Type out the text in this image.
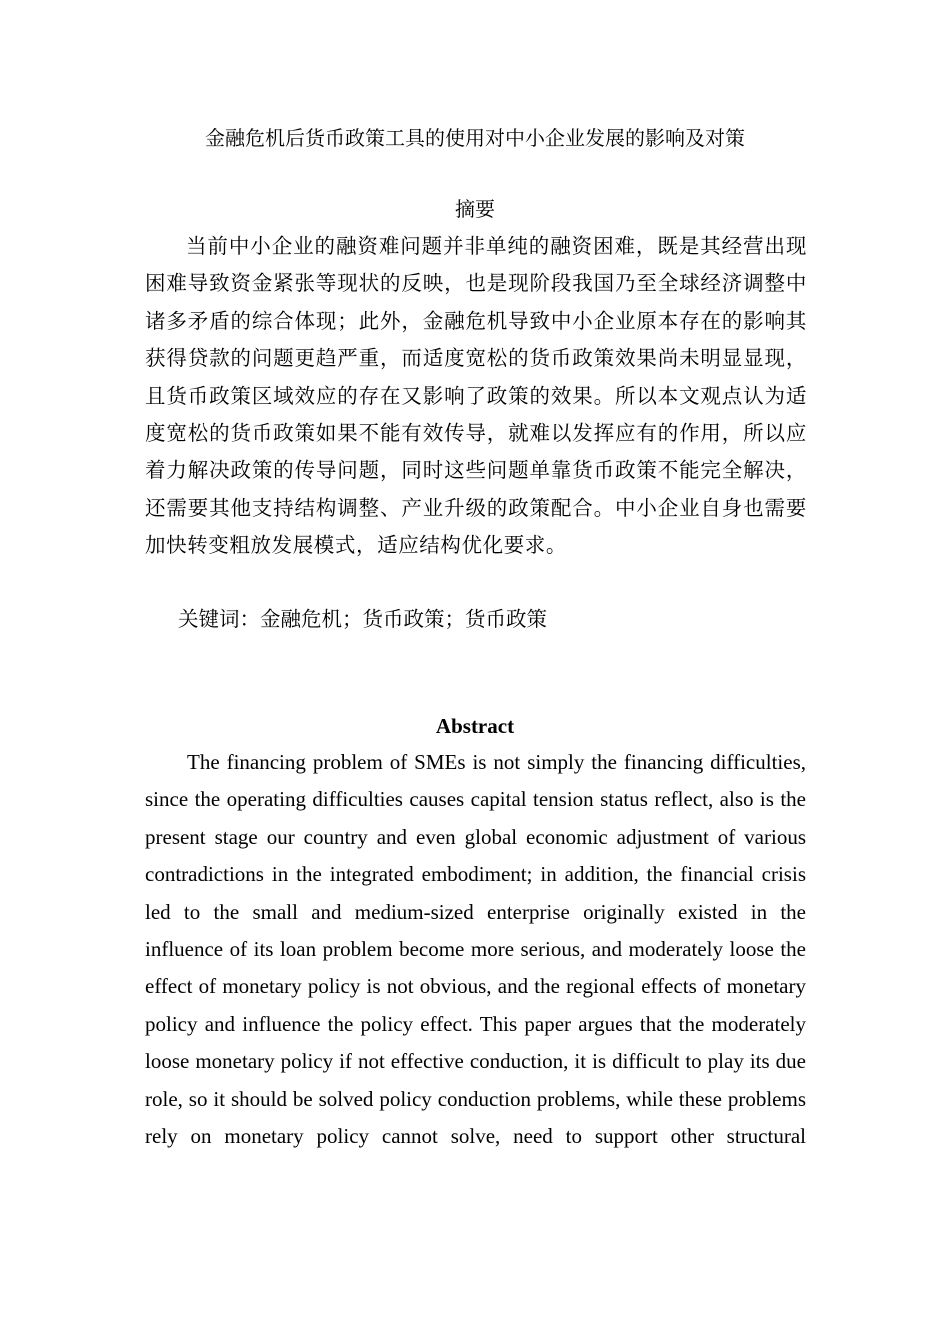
金融危机后货币政策工具的使用对中小企业发展的影响及对策
摘要

当前中小企业的融资难问题并非单纯的融资困难，既是其经营出现困难导致资金紧张等现状的反映，也是现阶段我国乃至全球经济调整中诸多矛盾的综合体现；此外，金融危机导致中小企业原本存在的影响其获得贷款的问题更趋严重，而适度宽松的货币政策效果尚未明显显现，且货币政策区域效应的存在又影响了政策的效果。所以本文观点认为适度宽松的货币政策如果不能有效传导，就难以发挥应有的作用，所以应着力解决政策的传导问题，同时这些问题单靠货币政策不能完全解决，还需要其他支持结构调整、产业升级的政策配合。中小企业自身也需要加快转变粗放发展模式，适应结构优化要求。

关键词：金融危机；货币政策；货币政策

Abstract

The financing problem of SMEs is not simply the financing difficulties, since the operating difficulties causes capital tension status reflect, also is the present stage our country and even global economic adjustment of various contradictions in the integrated embodiment; in addition, the financial crisis led to the small and medium-sized enterprise originally existed in the influence of its loan problem become more serious, and moderately loose the effect of monetary policy is not obvious, and the regional effects of monetary policy and influence the policy effect. This paper argues that the moderately loose monetary policy if not effective conduction, it is difficult to play its due role, so it should be solved policy conduction problems, while these problems rely on monetary policy cannot solve, need to support other structural
